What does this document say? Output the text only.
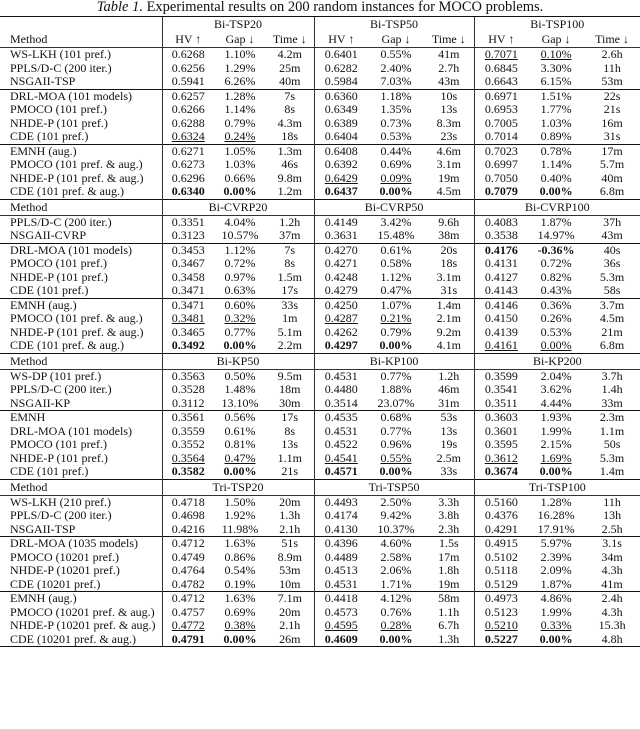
Table 1. Experimental results on 200 random instances for MOCO problems.
Method	Bi-TSP20			Bi-TSP50			Bi-TSP100		
	HV ↑	Gap ↓	Time ↓	HV ↑	Gap ↓	Time ↓	HV ↑	Gap ↓	Time ↓
WS-LKH (101 pref.)	0.6268	1.10%	4.2m	0.6401	0.55%	41m	0.7071	0.10%	2.6h
PPLS/D-C (200 iter.)	0.6256	1.29%	25m	0.6282	2.40%	2.7h	0.6845	3.30%	11h
NSGAII-TSP	0.5941	6.26%	40m	0.5984	7.03%	43m	0.6643	6.15%	53m
DRL-MOA (101 models)	0.6257	1.28%	7s	0.6360	1.18%	10s	0.6971	1.51%	22s
PMOCO (101 pref.)	0.6266	1.14%	8s	0.6349	1.35%	13s	0.6953	1.77%	21s
NHDE-P (101 pref.)	0.6288	0.79%	4.3m	0.6389	0.73%	8.3m	0.7005	1.03%	16m
CDE (101 pref.)	0.6324	0.24%	18s	0.6404	0.53%	23s	0.7014	0.89%	31s
EMNH (aug.)	0.6271	1.05%	1.3m	0.6408	0.44%	4.6m	0.7023	0.78%	17m
PMOCO (101 pref. & aug.)	0.6273	1.03%	46s	0.6392	0.69%	3.1m	0.6997	1.14%	5.7m
NHDE-P (101 pref. & aug.)	0.6296	0.66%	9.8m	0.6429	0.09%	19m	0.7050	0.40%	40m
CDE (101 pref. & aug.)	0.6340	0.00%	1.2m	0.6437	0.00%	4.5m	0.7079	0.00%	6.8m
Method	Bi-CVRP20			Bi-CVRP50			Bi-CVRP100		
PPLS/D-C (200 iter.)	0.3351	4.04%	1.2h	0.4149	3.42%	9.6h	0.4083	1.87%	37h
NSGAII-CVRP	0.3123	10.57%	37m	0.3631	15.48%	38m	0.3538	14.97%	43m
DRL-MOA (101 models)	0.3453	1.12%	7s	0.4270	0.61%	20s	0.4176	-0.36%	40s
PMOCO (101 pref.)	0.3467	0.72%	8s	0.4271	0.58%	18s	0.4131	0.72%	36s
NHDE-P (101 pref.)	0.3458	0.97%	1.5m	0.4248	1.12%	3.1m	0.4127	0.82%	5.3m
CDE (101 pref.)	0.3471	0.63%	17s	0.4279	0.47%	31s	0.4143	0.43%	58s
EMNH (aug.)	0.3471	0.60%	33s	0.4250	1.07%	1.4m	0.4146	0.36%	3.7m
PMOCO (101 pref. & aug.)	0.3481	0.32%	1m	0.4287	0.21%	2.1m	0.4150	0.26%	4.5m
NHDE-P (101 pref. & aug.)	0.3465	0.77%	5.1m	0.4262	0.79%	9.2m	0.4139	0.53%	21m
CDE (101 pref. & aug.)	0.3492	0.00%	2.2m	0.4297	0.00%	4.1m	0.4161	0.00%	6.8m
Method	Bi-KP50			Bi-KP100			Bi-KP200		
WS-DP (101 pref.)	0.3563	0.50%	9.5m	0.4531	0.77%	1.2h	0.3599	2.04%	3.7h
PPLS/D-C (200 iter.)	0.3528	1.48%	18m	0.4480	1.88%	46m	0.3541	3.62%	1.4h
NSGAII-KP	0.3112	13.10%	30m	0.3514	23.07%	31m	0.3511	4.44%	33m
EMNH	0.3561	0.56%	17s	0.4535	0.68%	53s	0.3603	1.93%	2.3m
DRL-MOA (101 models)	0.3559	0.61%	8s	0.4531	0.77%	13s	0.3601	1.99%	1.1m
PMOCO (101 pref.)	0.3552	0.81%	13s	0.4522	0.96%	19s	0.3595	2.15%	50s
NHDE-P (101 pref.)	0.3564	0.47%	1.1m	0.4541	0.55%	2.5m	0.3612	1.69%	5.3m
CDE (101 pref.)	0.3582	0.00%	21s	0.4571	0.00%	33s	0.3674	0.00%	1.4m
Method	Tri-TSP20			Tri-TSP50			Tri-TSP100		
WS-LKH (210 pref.)	0.4718	1.50%	20m	0.4493	2.50%	3.3h	0.5160	1.28%	11h
PPLS/D-C (200 iter.)	0.4698	1.92%	1.3h	0.4174	9.42%	3.8h	0.4376	16.28%	13h
NSGAII-TSP	0.4216	11.98%	2.1h	0.4130	10.37%	2.3h	0.4291	17.91%	2.5h
DRL-MOA (1035 models)	0.4712	1.63%	51s	0.4396	4.60%	1.5s	0.4915	5.97%	3.1s
PMOCO (10201 pref.)	0.4749	0.86%	8.9m	0.4489	2.58%	17m	0.5102	2.39%	34m
NHDE-P (10201 pref.)	0.4764	0.54%	53m	0.4513	2.06%	1.8h	0.5118	2.09%	4.3h
CDE (10201 pref.)	0.4782	0.19%	10m	0.4531	1.71%	19m	0.5129	1.87%	41m
EMNH (aug.)	0.4712	1.63%	7.1m	0.4418	4.12%	58m	0.4973	4.86%	2.4h
PMOCO (10201 pref. & aug.)	0.4757	0.69%	20m	0.4573	0.76%	1.1h	0.5123	1.99%	4.3h
NHDE-P (10201 pref. & aug.)	0.4772	0.38%	2.1h	0.4595	0.28%	6.7h	0.5210	0.33%	15.3h
CDE (10201 pref. & aug.)	0.4791	0.00%	26m	0.4609	0.00%	1.3h	0.5227	0.00%	4.8h
